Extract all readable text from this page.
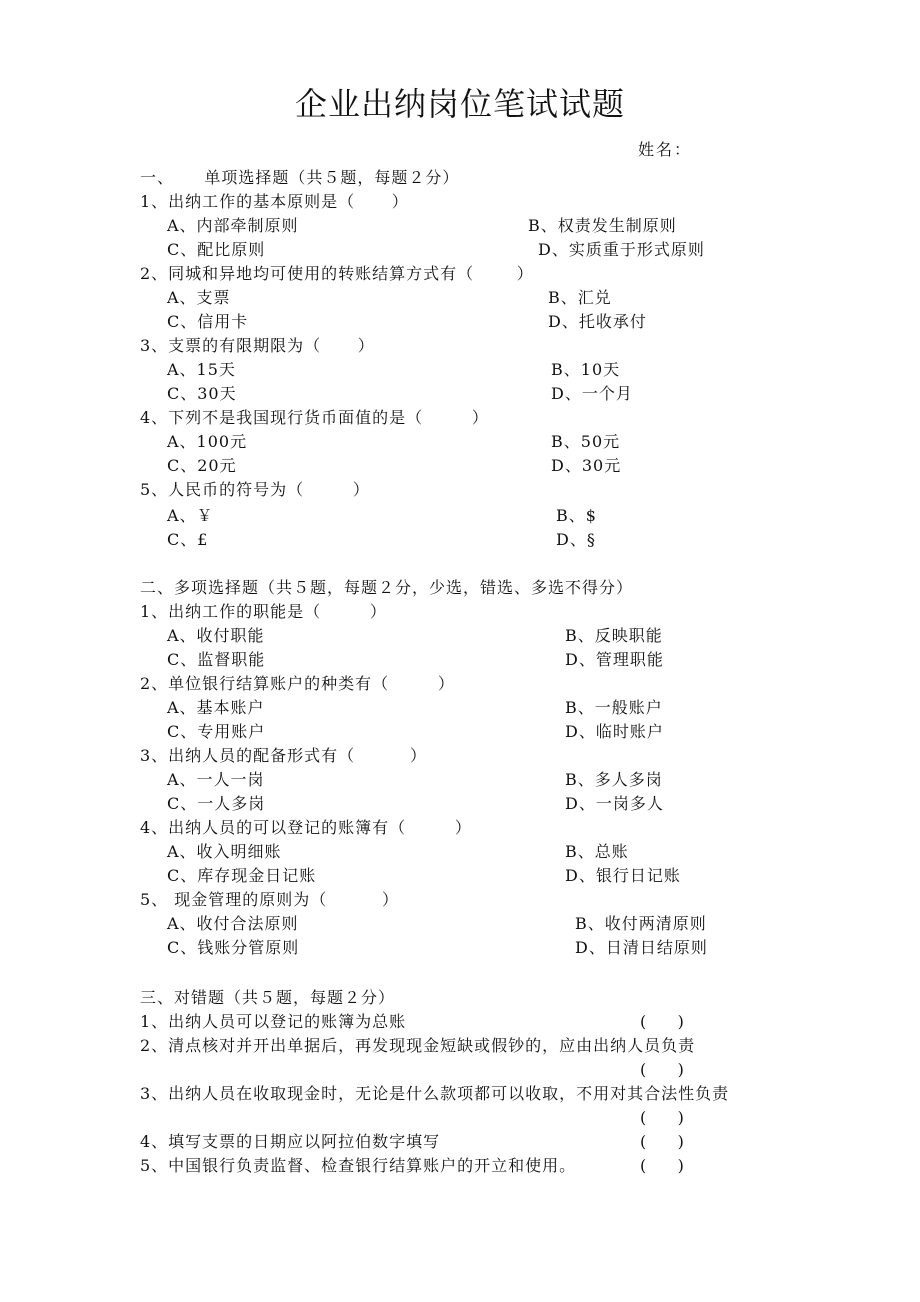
企业出纳岗位笔试试题
姓名：
一、     单项选择题（共５题，每题２分）
1、出纳工作的基本原则是（      ）
A、内部牵制原则	B、权责发生制原则
C、配比原则	D、实质重于形式原则
2、同城和异地均可使用的转账结算方式有（       ）
A、支票	B、汇兑
C、信用卡	D、托收承付
3、支票的有限期限为（      ）
A、15天	B、10天
C、30天	D、一个月
4、下列不是我国现行货币面值的是（        ）
A、100元	B、50元
C、20元	D、30元
5、人民币的符号为（        ）
A、￥	B、$
C、£	D、§
二、多项选择题（共５题，每题２分，少选，错选、多选不得分）
1、出纳工作的职能是（        ）
A、收付职能	B、反映职能
C、监督职能	D、管理职能
2、单位银行结算账户的种类有（        ）
A、基本账户	B、一般账户
C、专用账户	D、临时账户
3、出纳人员的配备形式有（         ）
A、一人一岗	B、多人多岗
C、一人多岗	D、一岗多人
4、出纳人员的可以登记的账簿有（        ）
A、收入明细账	B、总账
C、库存现金日记账	D、银行日记账
5、 现金管理的原则为（         ）
A、收付合法原则	B、收付两清原则
C、钱账分管原则	D、日清日结原则
三、对错题（共５题，每题２分）
1、出纳人员可以登记的账簿为总账	(     )
2、清点核对并开出单据后，再发现现金短缺或假钞的，应由出纳人员负责
(     )
3、出纳人员在收取现金时，无论是什么款项都可以收取，不用对其合法性负责
(     )
4、填写支票的日期应以阿拉伯数字填写	(     )
5、中国银行负责监督、检查银行结算账户的开立和使用。	(     )
